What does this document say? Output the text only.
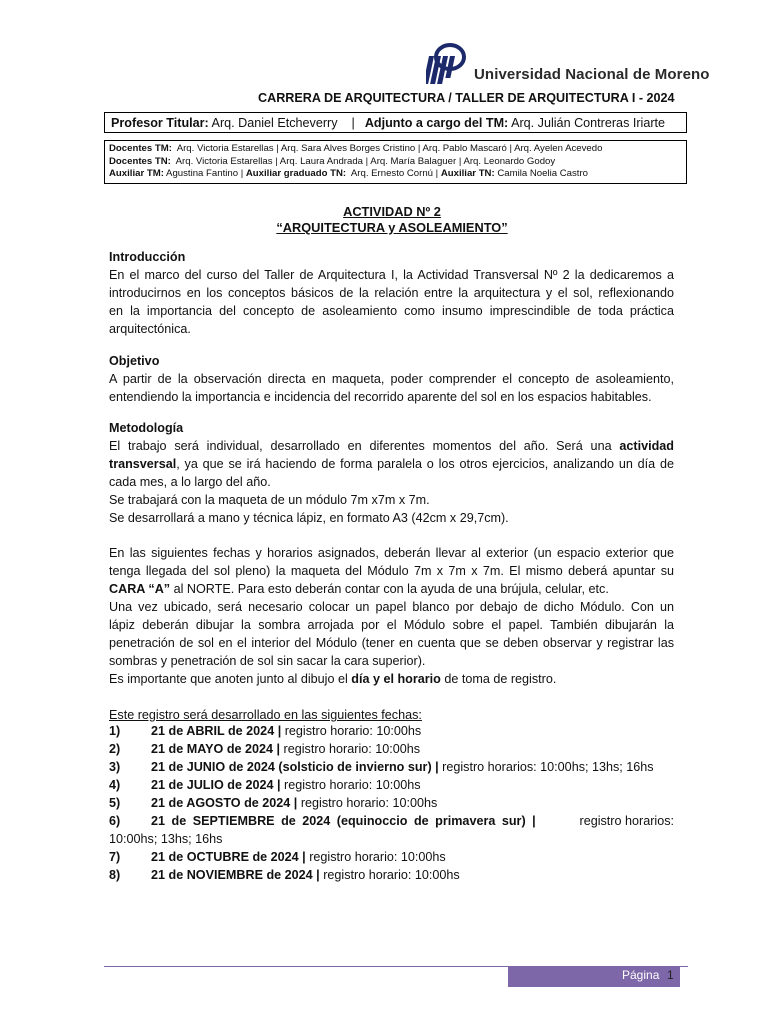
Universidad Nacional de Moreno
CARRERA DE ARQUITECTURA / TALLER DE ARQUITECTURA I - 2024
Profesor Titular: Arq. Daniel Etcheverry | Adjunto a cargo del TM: Arq. Julián Contreras Iriarte
Docentes TM:  Arq. Victoria Estarellas | Arq. Sara Alves Borges Cristino | Arq. Pablo Mascaró | Arq. Ayelen Acevedo
Docentes TN:  Arq. Victoria Estarellas | Arq. Laura Andrada | Arq. María Balaguer | Arq. Leonardo Godoy
Auxiliar TM: Agustina Fantino | Auxiliar graduado TN:  Arq. Ernesto Cornú | Auxiliar TN: Camila Noelia Castro
ACTIVIDAD Nº 2
“ARQUITECTURA y ASOLEAMIENTO”
Introducción
En el marco del curso del Taller de Arquitectura I, la Actividad Transversal Nº 2 la dedicaremos a
introducirnos en los conceptos básicos de la relación entre la arquitectura y el sol, reflexionando
en la importancia del concepto de asoleamiento como insumo imprescindible de toda práctica
arquitectónica.
Objetivo
A partir de la observación directa en maqueta, poder comprender el concepto de asoleamiento,
entendiendo la importancia e incidencia del recorrido aparente del sol en los espacios habitables.
Metodología
El trabajo será individual, desarrollado en diferentes momentos del año. Será una actividad
transversal, ya que se irá haciendo de forma paralela o los otros ejercicios, analizando un día de
cada mes, a lo largo del año.
Se trabajará con la maqueta de un módulo 7m x7m x 7m.
Se desarrollará a mano y técnica lápiz, en formato A3 (42cm x 29,7cm).
En las siguientes fechas y horarios asignados, deberán llevar al exterior (un espacio exterior que
tenga llegada del sol pleno) la maqueta del Módulo 7m x 7m x 7m. El mismo deberá apuntar su
CARA “A” al NORTE. Para esto deberán contar con la ayuda de una brújula, celular, etc.
Una vez ubicado, será necesario colocar un papel blanco por debajo de dicho Módulo. Con un
lápiz deberán dibujar la sombra arrojada por el Módulo sobre el papel. También dibujarán la
penetración de sol en el interior del Módulo (tener en cuenta que se deben observar y registrar las
sombras y penetración de sol sin sacar la cara superior).
Es importante que anoten junto al dibujo el día y el horario de toma de registro.
Este registro será desarrollado en las siguientes fechas:
1) 21 de ABRIL de 2024 | registro horario: 10:00hs
2) 21 de MAYO de 2024 | registro horario: 10:00hs
3) 21 de JUNIO de 2024 (solsticio de invierno sur) | registro horarios: 10:00hs; 13hs; 16hs
4) 21 de JULIO de 2024 | registro horario: 10:00hs
5) 21 de AGOSTO de 2024 | registro horario: 10:00hs
6) 21 de SEPTIEMBRE de 2024 (equinoccio de primavera sur) |	registro horarios:
10:00hs; 13hs; 16hs
7) 21 de OCTUBRE de 2024 | registro horario: 10:00hs
8) 21 de NOVIEMBRE de 2024 | registro horario: 10:00hs
Página 1
